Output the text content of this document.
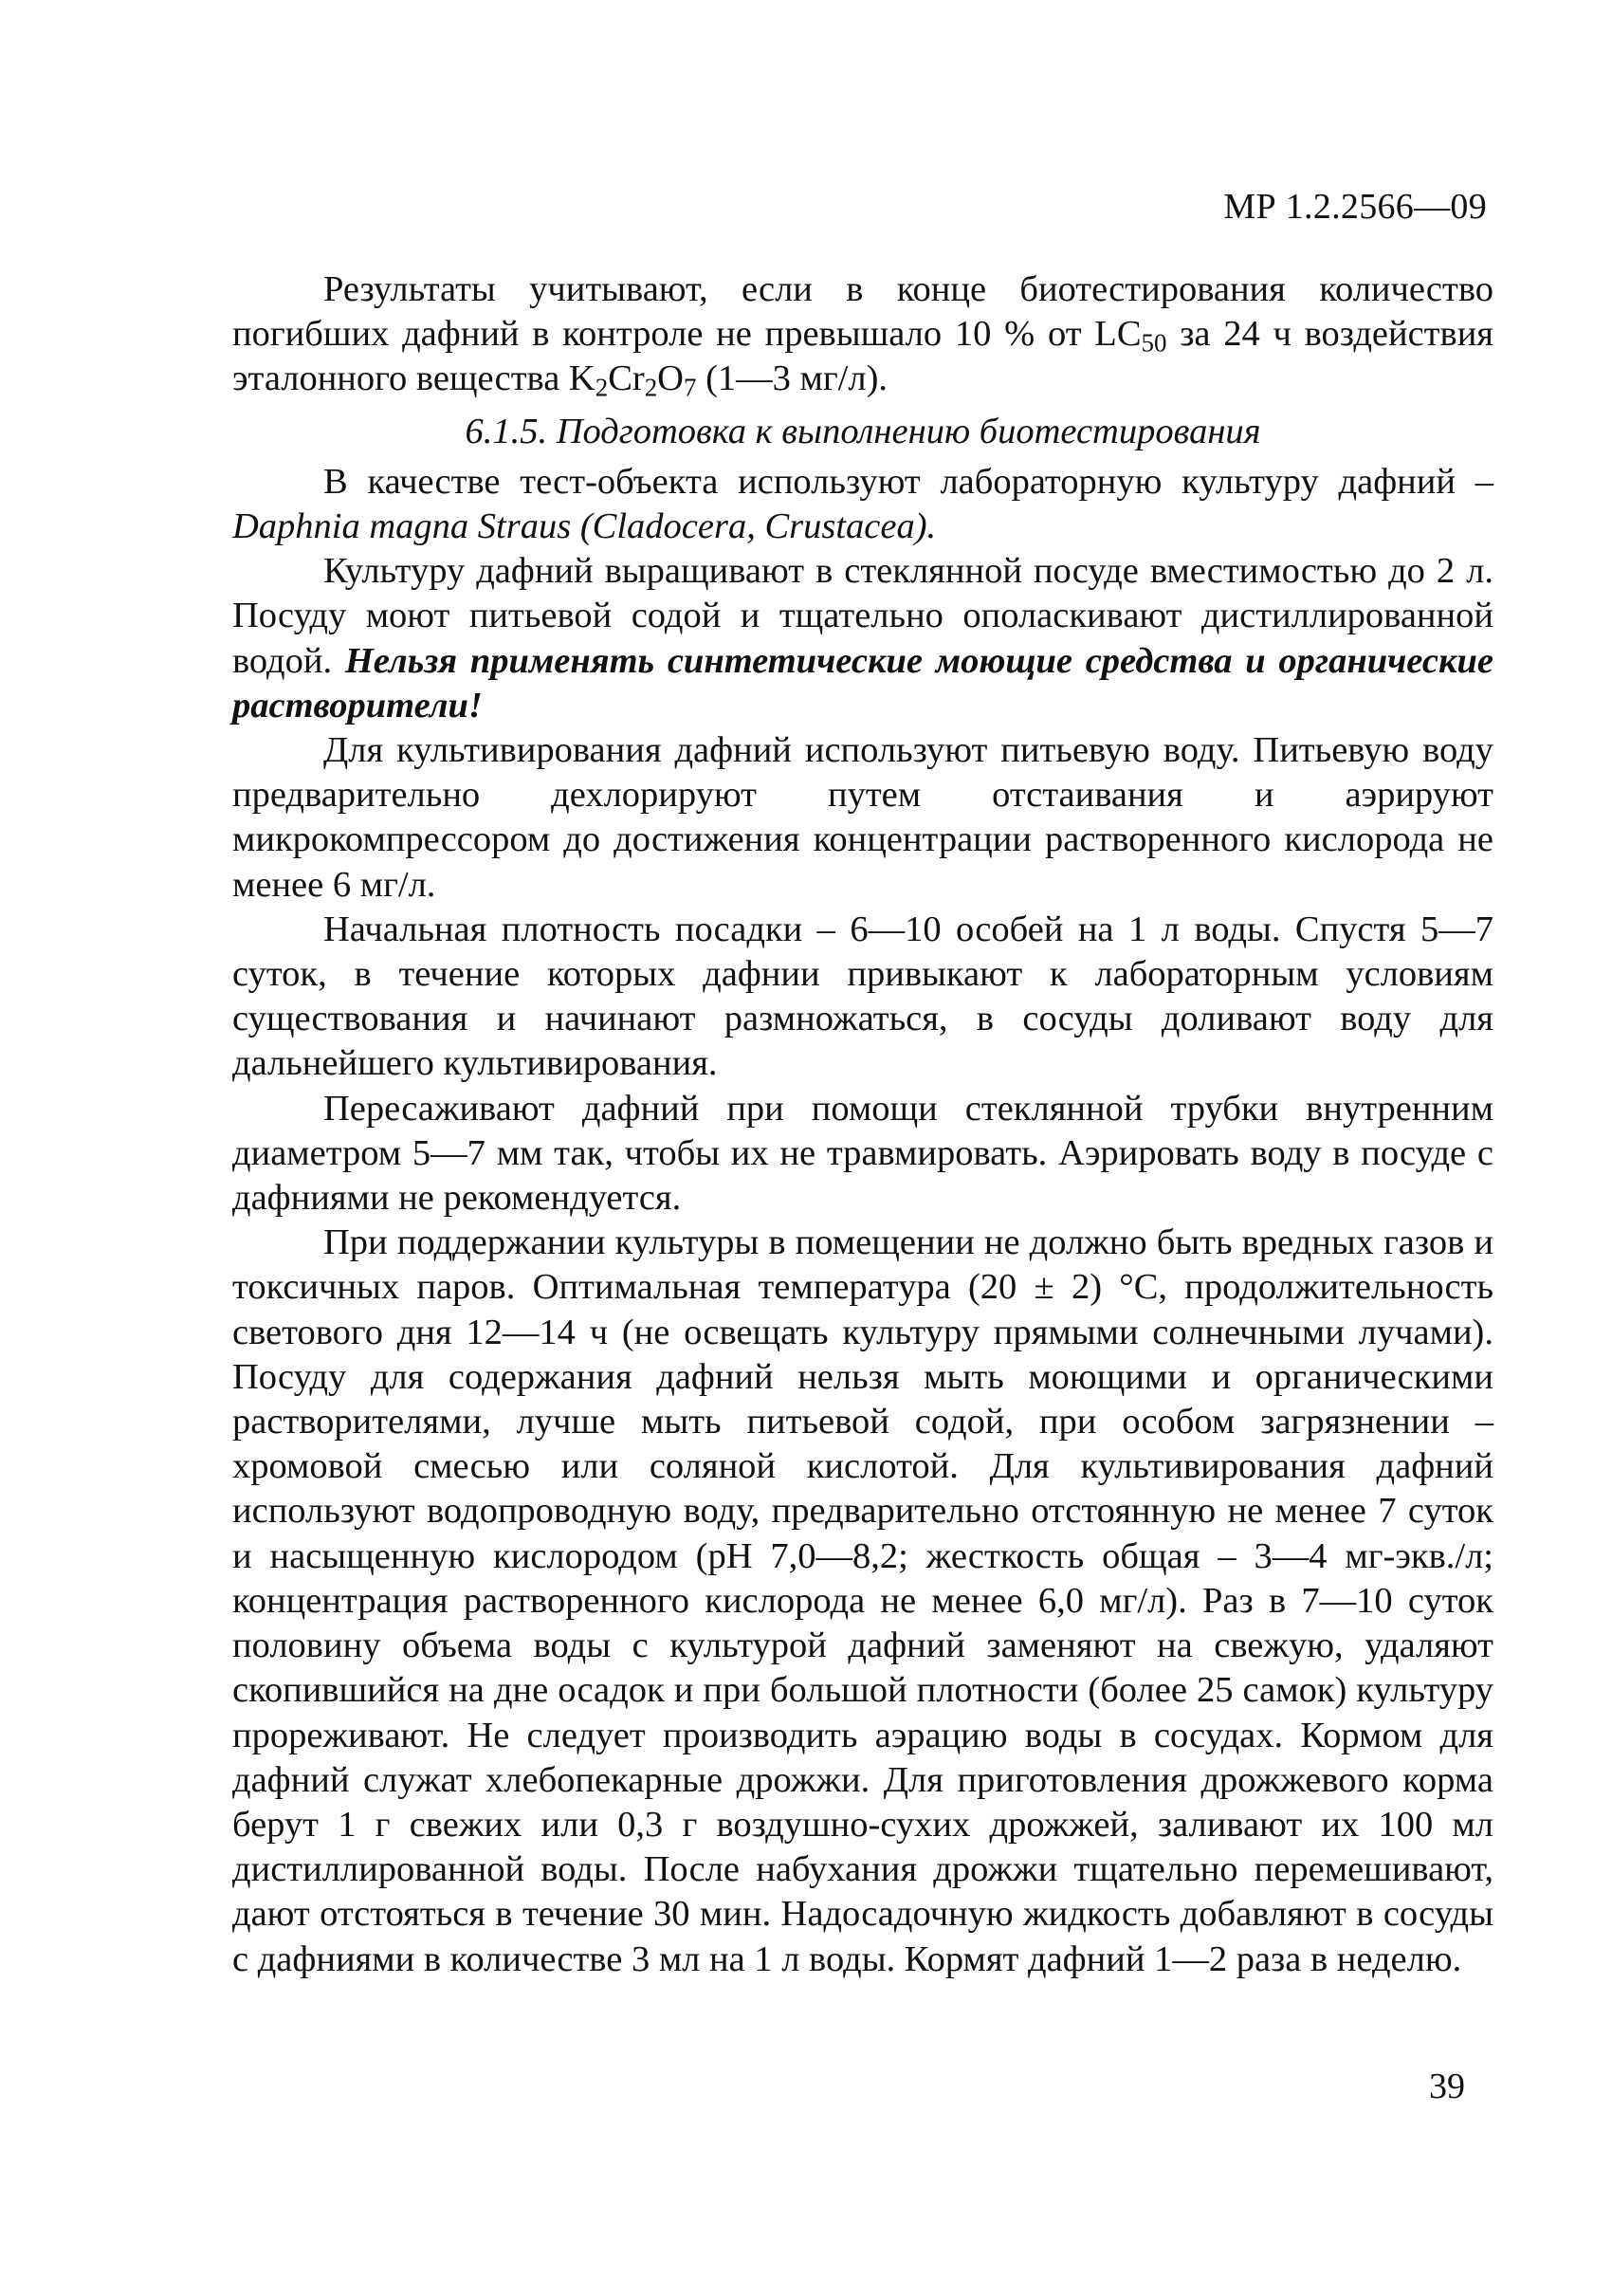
МР 1.2.2566—09

Результаты учитывают, если в конце биотестирования количество погибших дафний в контроле не превышало 10 % от $LC_{50}$ за 24 ч воздействия эталонного вещества $K_2Cr_2O_7$ (1—3 мг/л).

6.1.5. Подготовка к выполнению биотестирования

В качестве тест-объекта используют лабораторную культуру дафний – Daphnia magna Straus (Cladocera, Crustacea).

Культуру дафний выращивают в стеклянной посуде вместимостью до 2 л. Посуду моют питьевой содой и тщательно ополаскивают дистиллированной водой. Нельзя применять синтетические моющие средства и органические растворители!

Для культивирования дафний используют питьевую воду. Питьевую воду предварительно дехлорируют путем отстаивания и аэрируют микрокомпрессором до достижения концентрации растворенного кислорода не менее 6 мг/л.

Начальная плотность посадки – 6—10 особей на 1 л воды. Спустя 5—7 суток, в течение которых дафнии привыкают к лабораторным условиям существования и начинают размножаться, в сосуды доливают воду для дальнейшего культивирования.

Пересаживают дафний при помощи стеклянной трубки внутренним диаметром 5—7 мм так, чтобы их не травмировать. Аэрировать воду в посуде с дафниями не рекомендуется.

При поддержании культуры в помещении не должно быть вредных газов и токсичных паров. Оптимальная температура (20 ± 2) °С, продолжительность светового дня 12—14 ч (не освещать культуру прямыми солнечными лучами). Посуду для содержания дафний нельзя мыть моющими и органическими растворителями, лучше мыть питьевой содой, при особом загрязнении – хромовой смесью или соляной кислотой. Для культивирования дафний используют водопроводную воду, предварительно отстоянную не менее 7 суток и насыщенную кислородом (pH 7,0—8,2; жесткость общая – 3—4 мг-экв./л; концентрация растворенного кислорода не менее 6,0 мг/л). Раз в 7—10 суток половину объема воды с культурой дафний заменяют на свежую, удаляют скопившийся на дне осадок и при большой плотности (более 25 самок) культуру прореживают. Не следует производить аэрацию воды в сосудах. Кормом для дафний служат хлебопекарные дрожжи. Для приготовления дрожжевого корма берут 1 г свежих или 0,3 г воздушно-сухих дрожжей, заливают их 100 мл дистиллированной воды. После набухания дрожжи тщательно перемешивают, дают отстояться в течение 30 мин. Надосадочную жидкость добавляют в сосуды с дафниями в количестве 3 мл на 1 л воды. Кормят дафний 1—2 раза в неделю.

39
